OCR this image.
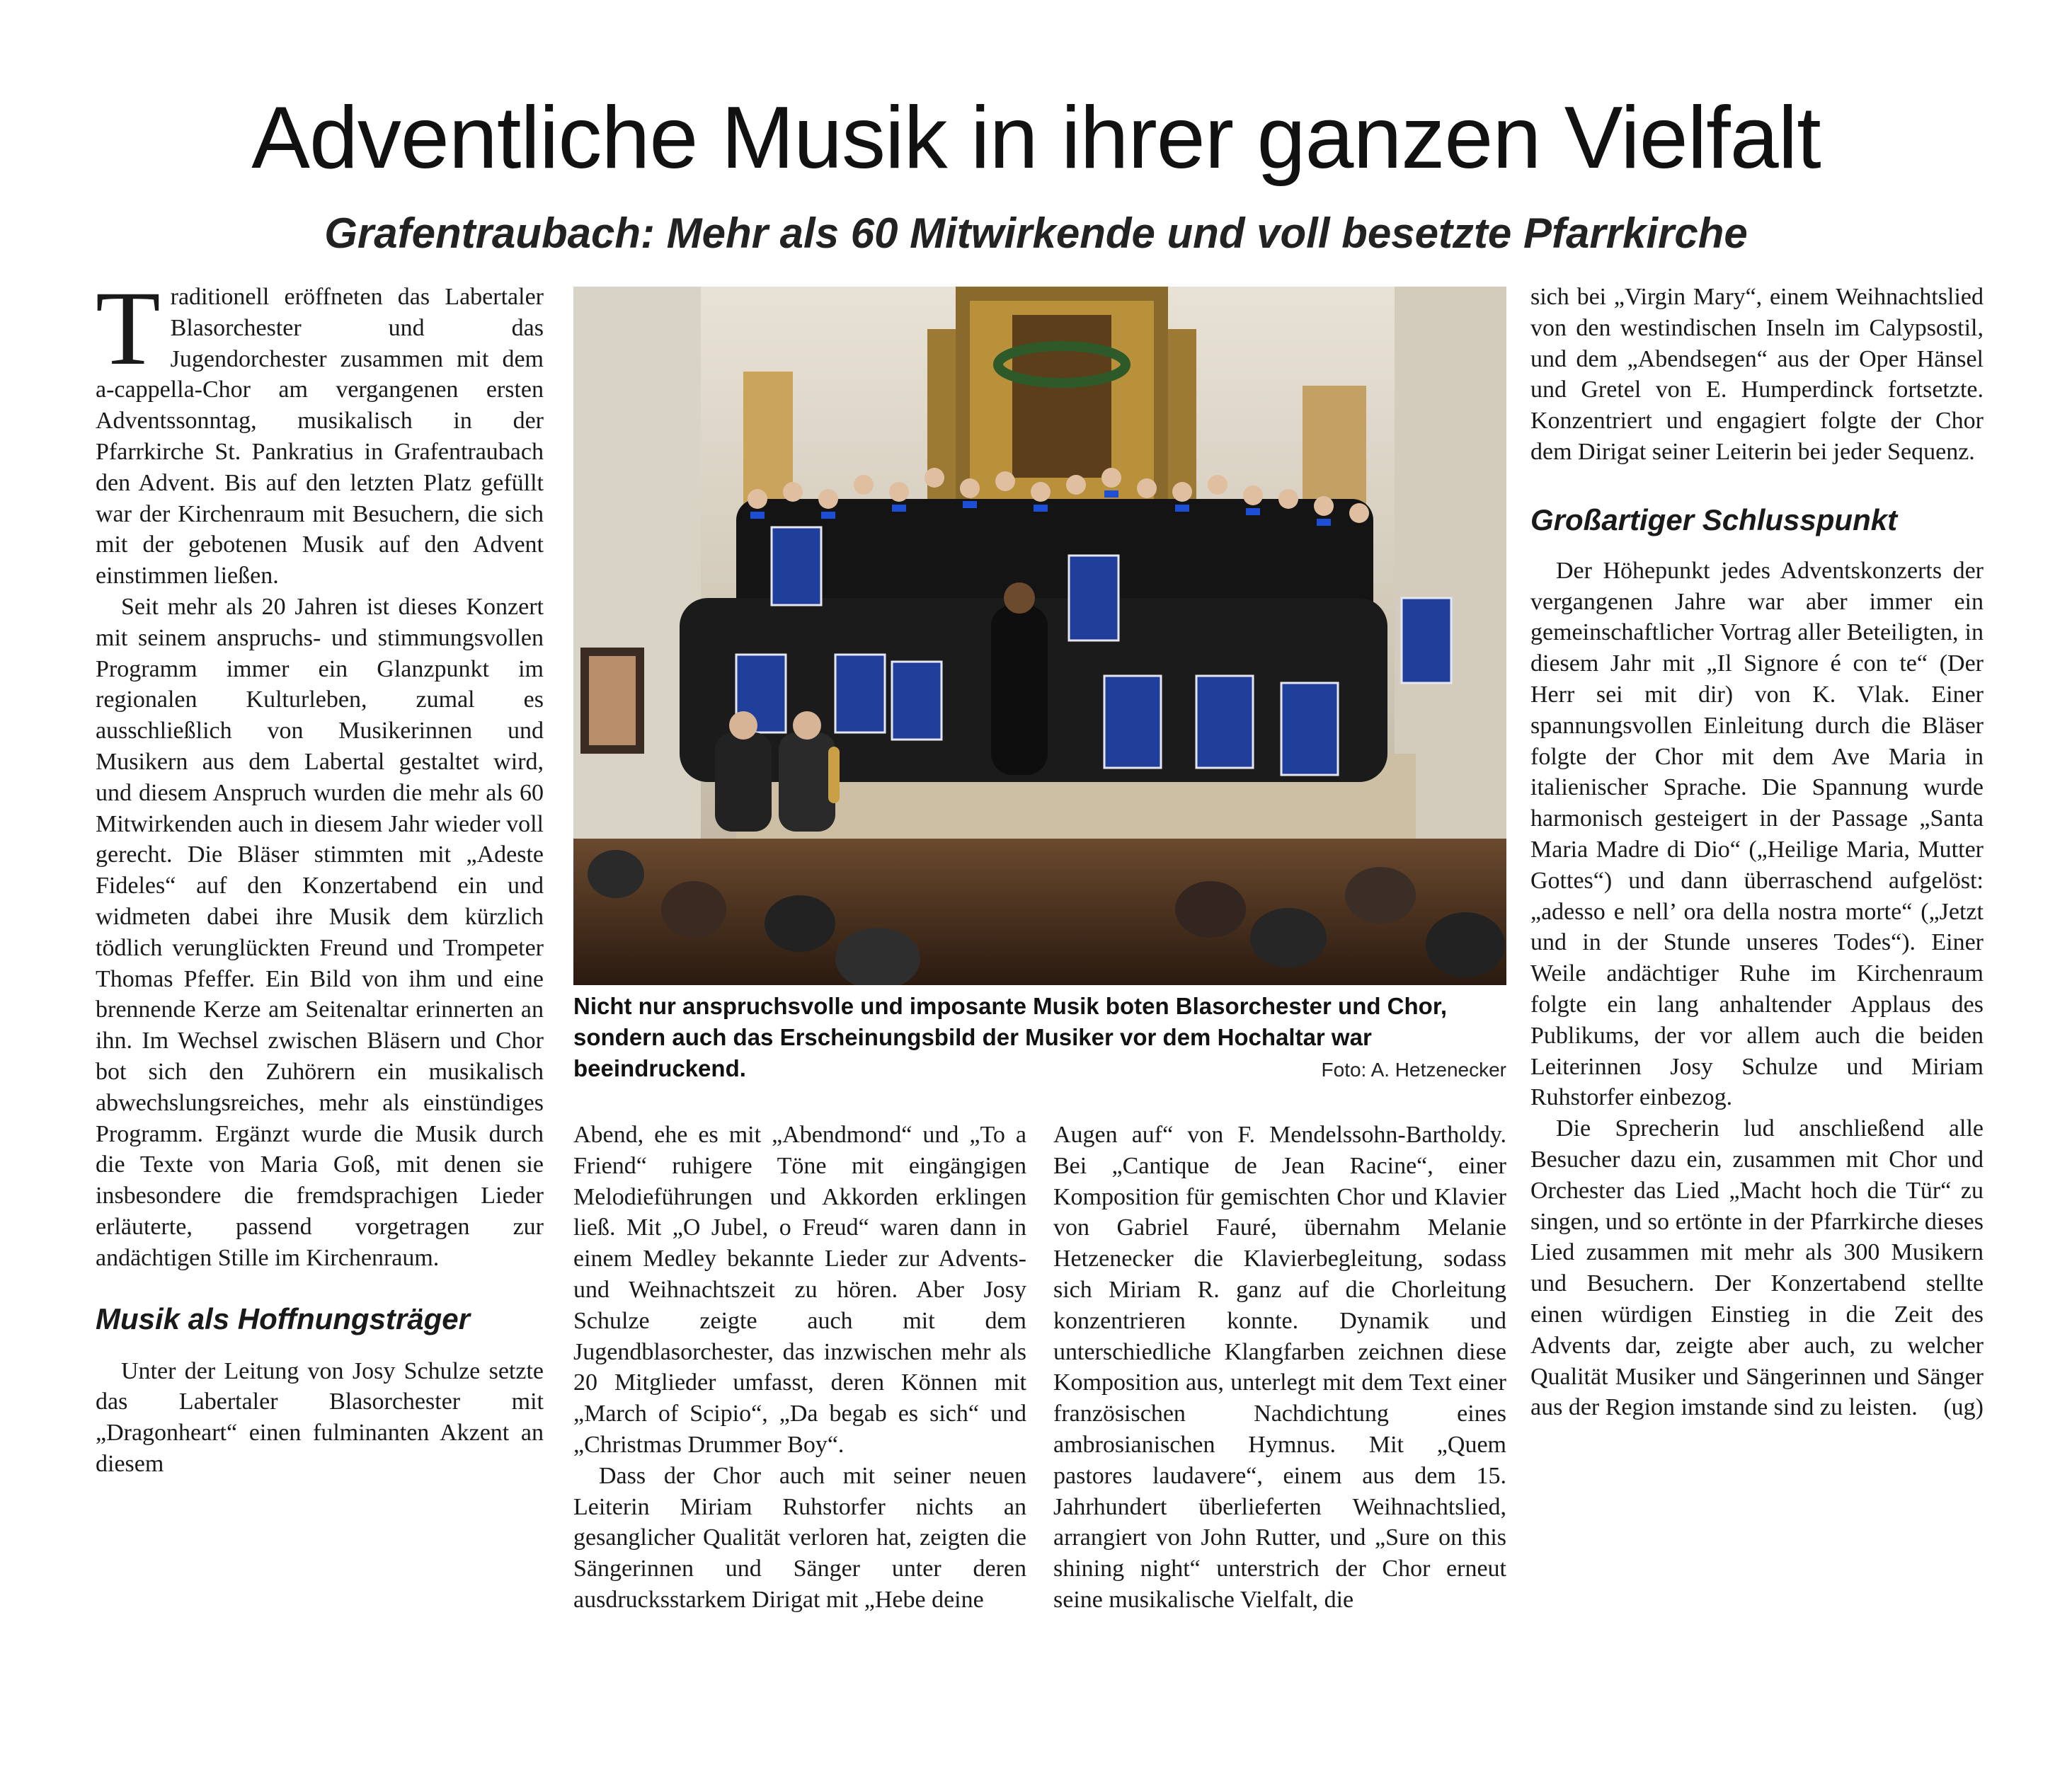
Adventliche Musik in ihrer ganzen Vielfalt
Grafentraubach: Mehr als 60 Mitwirkende und voll besetzte Pfarrkirche

Traditionell eröffneten das Labertaler Blasorchester und das Jugendorchester zusammen mit dem a-cappella-Chor am vergangenen ersten Adventssonntag, musikalisch in der Pfarrkirche St. Pankratius in Grafentraubach den Advent. Bis auf den letzten Platz gefüllt war der Kirchenraum mit Besuchern, die sich mit der gebotenen Musik auf den Advent einstimmen ließen.

Seit mehr als 20 Jahren ist dieses Konzert mit seinem anspruchs- und stimmungsvollen Programm immer ein Glanzpunkt im regionalen Kulturleben, zumal es ausschließlich von Musikerinnen und Musikern aus dem Labertal gestaltet wird, und diesem Anspruch wurden die mehr als 60 Mitwirkenden auch in diesem Jahr wieder voll gerecht. Die Bläser stimmten mit „Adeste Fideles“ auf den Konzertabend ein und widmeten dabei ihre Musik dem kürzlich tödlich verunglückten Freund und Trompeter Thomas Pfeffer. Ein Bild von ihm und eine brennende Kerze am Seitenaltar erinnerten an ihn. Im Wechsel zwischen Bläsern und Chor bot sich den Zuhörern ein musikalisch abwechslungsreiches, mehr als einstündiges Programm. Ergänzt wurde die Musik durch die Texte von Maria Goß, mit denen sie insbesondere die fremdsprachigen Lieder erläuterte, passend vorgetragen zur andächtigen Stille im Kirchenraum.

Musik als Hoffnungsträger

Unter der Leitung von Josy Schulze setzte das Labertaler Blasorchester mit „Dragonheart“ einen fulminanten Akzent an diesem

Nicht nur anspruchsvolle und imposante Musik boten Blasorchester und Chor, sondern auch das Erscheinungsbild der Musiker vor dem Hochaltar war beeindruckend.	Foto: A. Hetzenecker

Abend, ehe es mit „Abendmond“ und „To a Friend“ ruhigere Töne mit eingängigen Melodieführungen und Akkorden erklingen ließ. Mit „O Jubel, o Freud“ waren dann in einem Medley bekannte Lieder zur Advents- und Weihnachtszeit zu hören. Aber Josy Schulze zeigte auch mit dem Jugendblasorchester, das inzwischen mehr als 20 Mitglieder umfasst, deren Können mit „March of Scipio“, „Da begab es sich“ und „Christmas Drummer Boy“.

Dass der Chor auch mit seiner neuen Leiterin Miriam Ruhstorfer nichts an gesanglicher Qualität verloren hat, zeigten die Sängerinnen und Sänger unter deren ausdrucksstarkem Dirigat mit „Hebe deine

Augen auf“ von F. Mendelssohn-Bartholdy. Bei „Cantique de Jean Racine“, einer Komposition für gemischten Chor und Klavier von Gabriel Fauré, übernahm Melanie Hetzenecker die Klavierbegleitung, sodass sich Miriam R. ganz auf die Chorleitung konzentrieren konnte. Dynamik und unterschiedliche Klangfarben zeichnen diese Komposition aus, unterlegt mit dem Text einer französischen Nachdichtung eines ambrosianischen Hymnus. Mit „Quem pastores laudavere“, einem aus dem 15. Jahrhundert überlieferten Weihnachtslied, arrangiert von John Rutter, und „Sure on this shining night“ unterstrich der Chor erneut seine musikalische Vielfalt, die

sich bei „Virgin Mary“, einem Weihnachtslied von den westindischen Inseln im Calypsostil, und dem „Abendsegen“ aus der Oper Hänsel und Gretel von E. Humperdinck fortsetzte. Konzentriert und engagiert folgte der Chor dem Dirigat seiner Leiterin bei jeder Sequenz.

Großartiger Schlusspunkt

Der Höhepunkt jedes Adventskonzerts der vergangenen Jahre war aber immer ein gemeinschaftlicher Vortrag aller Beteiligten, in diesem Jahr mit „Il Signore é con te“ (Der Herr sei mit dir) von K. Vlak. Einer spannungsvollen Einleitung durch die Bläser folgte der Chor mit dem Ave Maria in italienischer Sprache. Die Spannung wurde harmonisch gesteigert in der Passage „Santa Maria Madre di Dio“ („Heilige Maria, Mutter Gottes“) und dann überraschend aufgelöst: „adesso e nell’ ora della nostra morte“ („Jetzt und in der Stunde unseres Todes“). Einer Weile andächtiger Ruhe im Kirchenraum folgte ein lang anhaltender Applaus des Publikums, der vor allem auch die beiden Leiterinnen Josy Schulze und Miriam Ruhstorfer einbezog.

Die Sprecherin lud anschließend alle Besucher dazu ein, zusammen mit Chor und Orchester das Lied „Macht hoch die Tür“ zu singen, und so ertönte in der Pfarrkirche dieses Lied zusammen mit mehr als 300 Musikern und Besuchern. Der Konzertabend stellte einen würdigen Einstieg in die Zeit des Advents dar, zeigte aber auch, zu welcher Qualität Musiker und Sängerinnen und Sänger aus der Region imstande sind zu leisten.	(ug)
